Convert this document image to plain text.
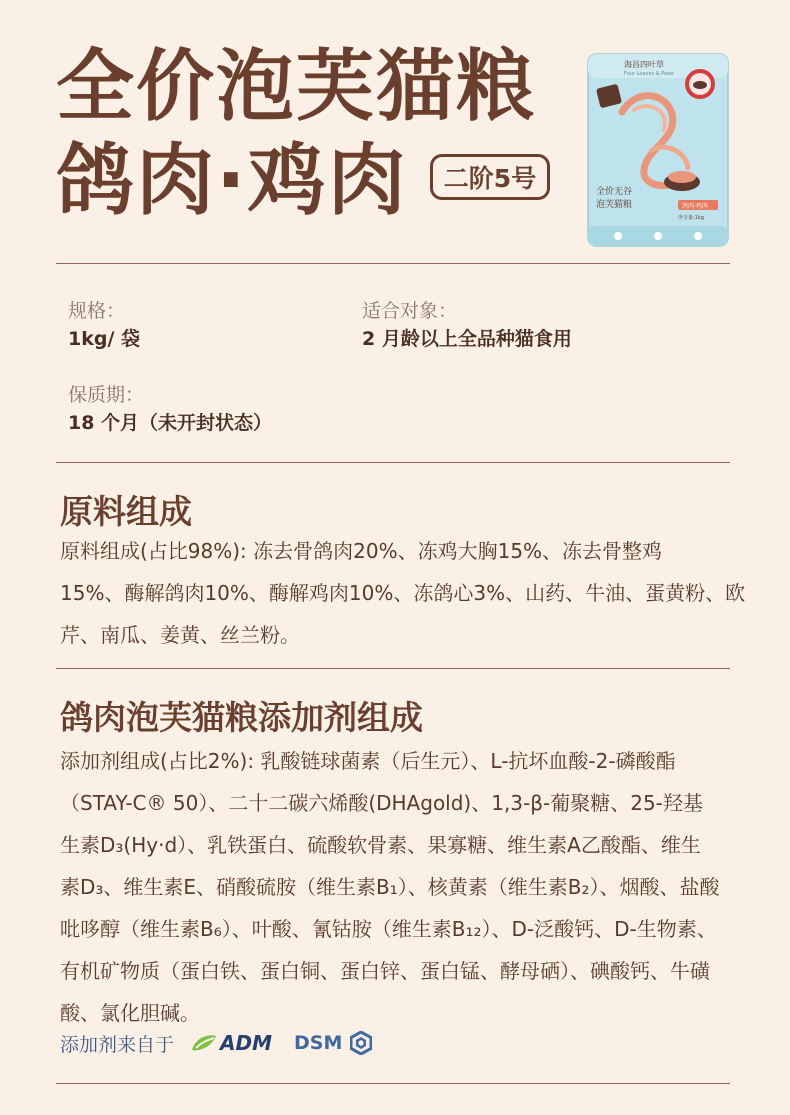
全价泡芙猫粮
鸽肉·鸡肉	二阶5号
海昌四叶草
Four Leaves & Paws
全价无谷
泡芙猫粮	鸽肉·鸡肉
净含量:1kg
规格：
1kg/ 袋
适合对象：
2 月龄以上全品种猫食用
保质期：
18 个月（未开封状态）
原料组成
原料组成(占比98%): 冻去骨鸽肉20%、冻鸡大胸15%、冻去骨整鸡
15%、酶解鸽肉10%、酶解鸡肉10%、冻鸽心3%、山药、牛油、蛋黄粉、欧
芹、南瓜、姜黄、丝兰粉。
鸽肉泡芙猫粮添加剂组成
添加剂组成(占比2%): 乳酸链球菌素（后生元）、L-抗坏血酸-2-磷酸酯
（STAY-C® 50）、二十二碳六烯酸(DHAgold)、1,3-β-葡聚糖、25-羟基
生素D₃(Hy·d）、乳铁蛋白、硫酸软骨素、果寡糖、维生素A乙酸酯、维生
素D₃、维生素E、硝酸硫胺（维生素B₁）、核黄素（维生素B₂）、烟酸、盐酸
吡哆醇（维生素B₆）、叶酸、氰钴胺（维生素B₁₂）、D-泛酸钙、D-生物素、
有机矿物质（蛋白铁、蛋白铜、蛋白锌、蛋白锰、酵母硒）、碘酸钙、牛磺
酸、氯化胆碱。
添加剂来自于 ADM DSM
